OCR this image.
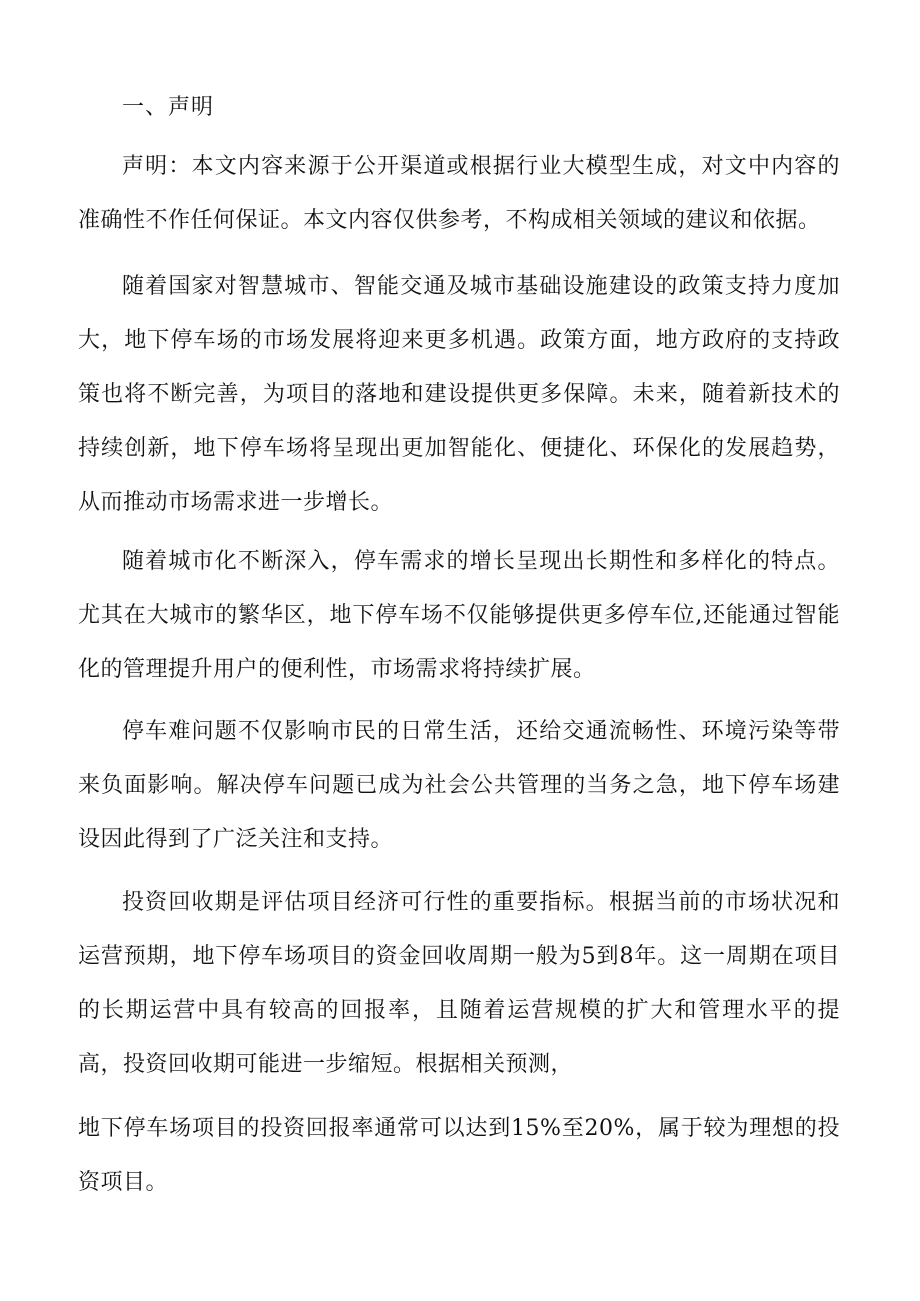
一、声明

声明：本文内容来源于公开渠道或根据行业大模型生成，对文中内容的准确性不作任何保证。本文内容仅供参考，不构成相关领域的建议和依据。

随着国家对智慧城市、智能交通及城市基础设施建设的政策支持力度加大，地下停车场的市场发展将迎来更多机遇。政策方面，地方政府的支持政策也将不断完善，为项目的落地和建设提供更多保障。未来，随着新技术的持续创新，地下停车场将呈现出更加智能化、便捷化、环保化的发展趋势，从而推动市场需求进一步增长。

随着城市化不断深入，停车需求的增长呈现出长期性和多样化的特点。尤其在大城市的繁华区，地下停车场不仅能够提供更多停车位,还能通过智能化的管理提升用户的便利性，市场需求将持续扩展。

停车难问题不仅影响市民的日常生活，还给交通流畅性、环境污染等带来负面影响。解决停车问题已成为社会公共管理的当务之急，地下停车场建设因此得到了广泛关注和支持。

投资回收期是评估项目经济可行性的重要指标。根据当前的市场状况和运营预期，地下停车场项目的资金回收周期一般为5到8年。这一周期在项目的长期运营中具有较高的回报率，且随着运营规模的扩大和管理水平的提高，投资回收期可能进一步缩短。根据相关预测，

地下停车场项目的投资回报率通常可以达到15%至20%，属于较为理想的投资项目。
